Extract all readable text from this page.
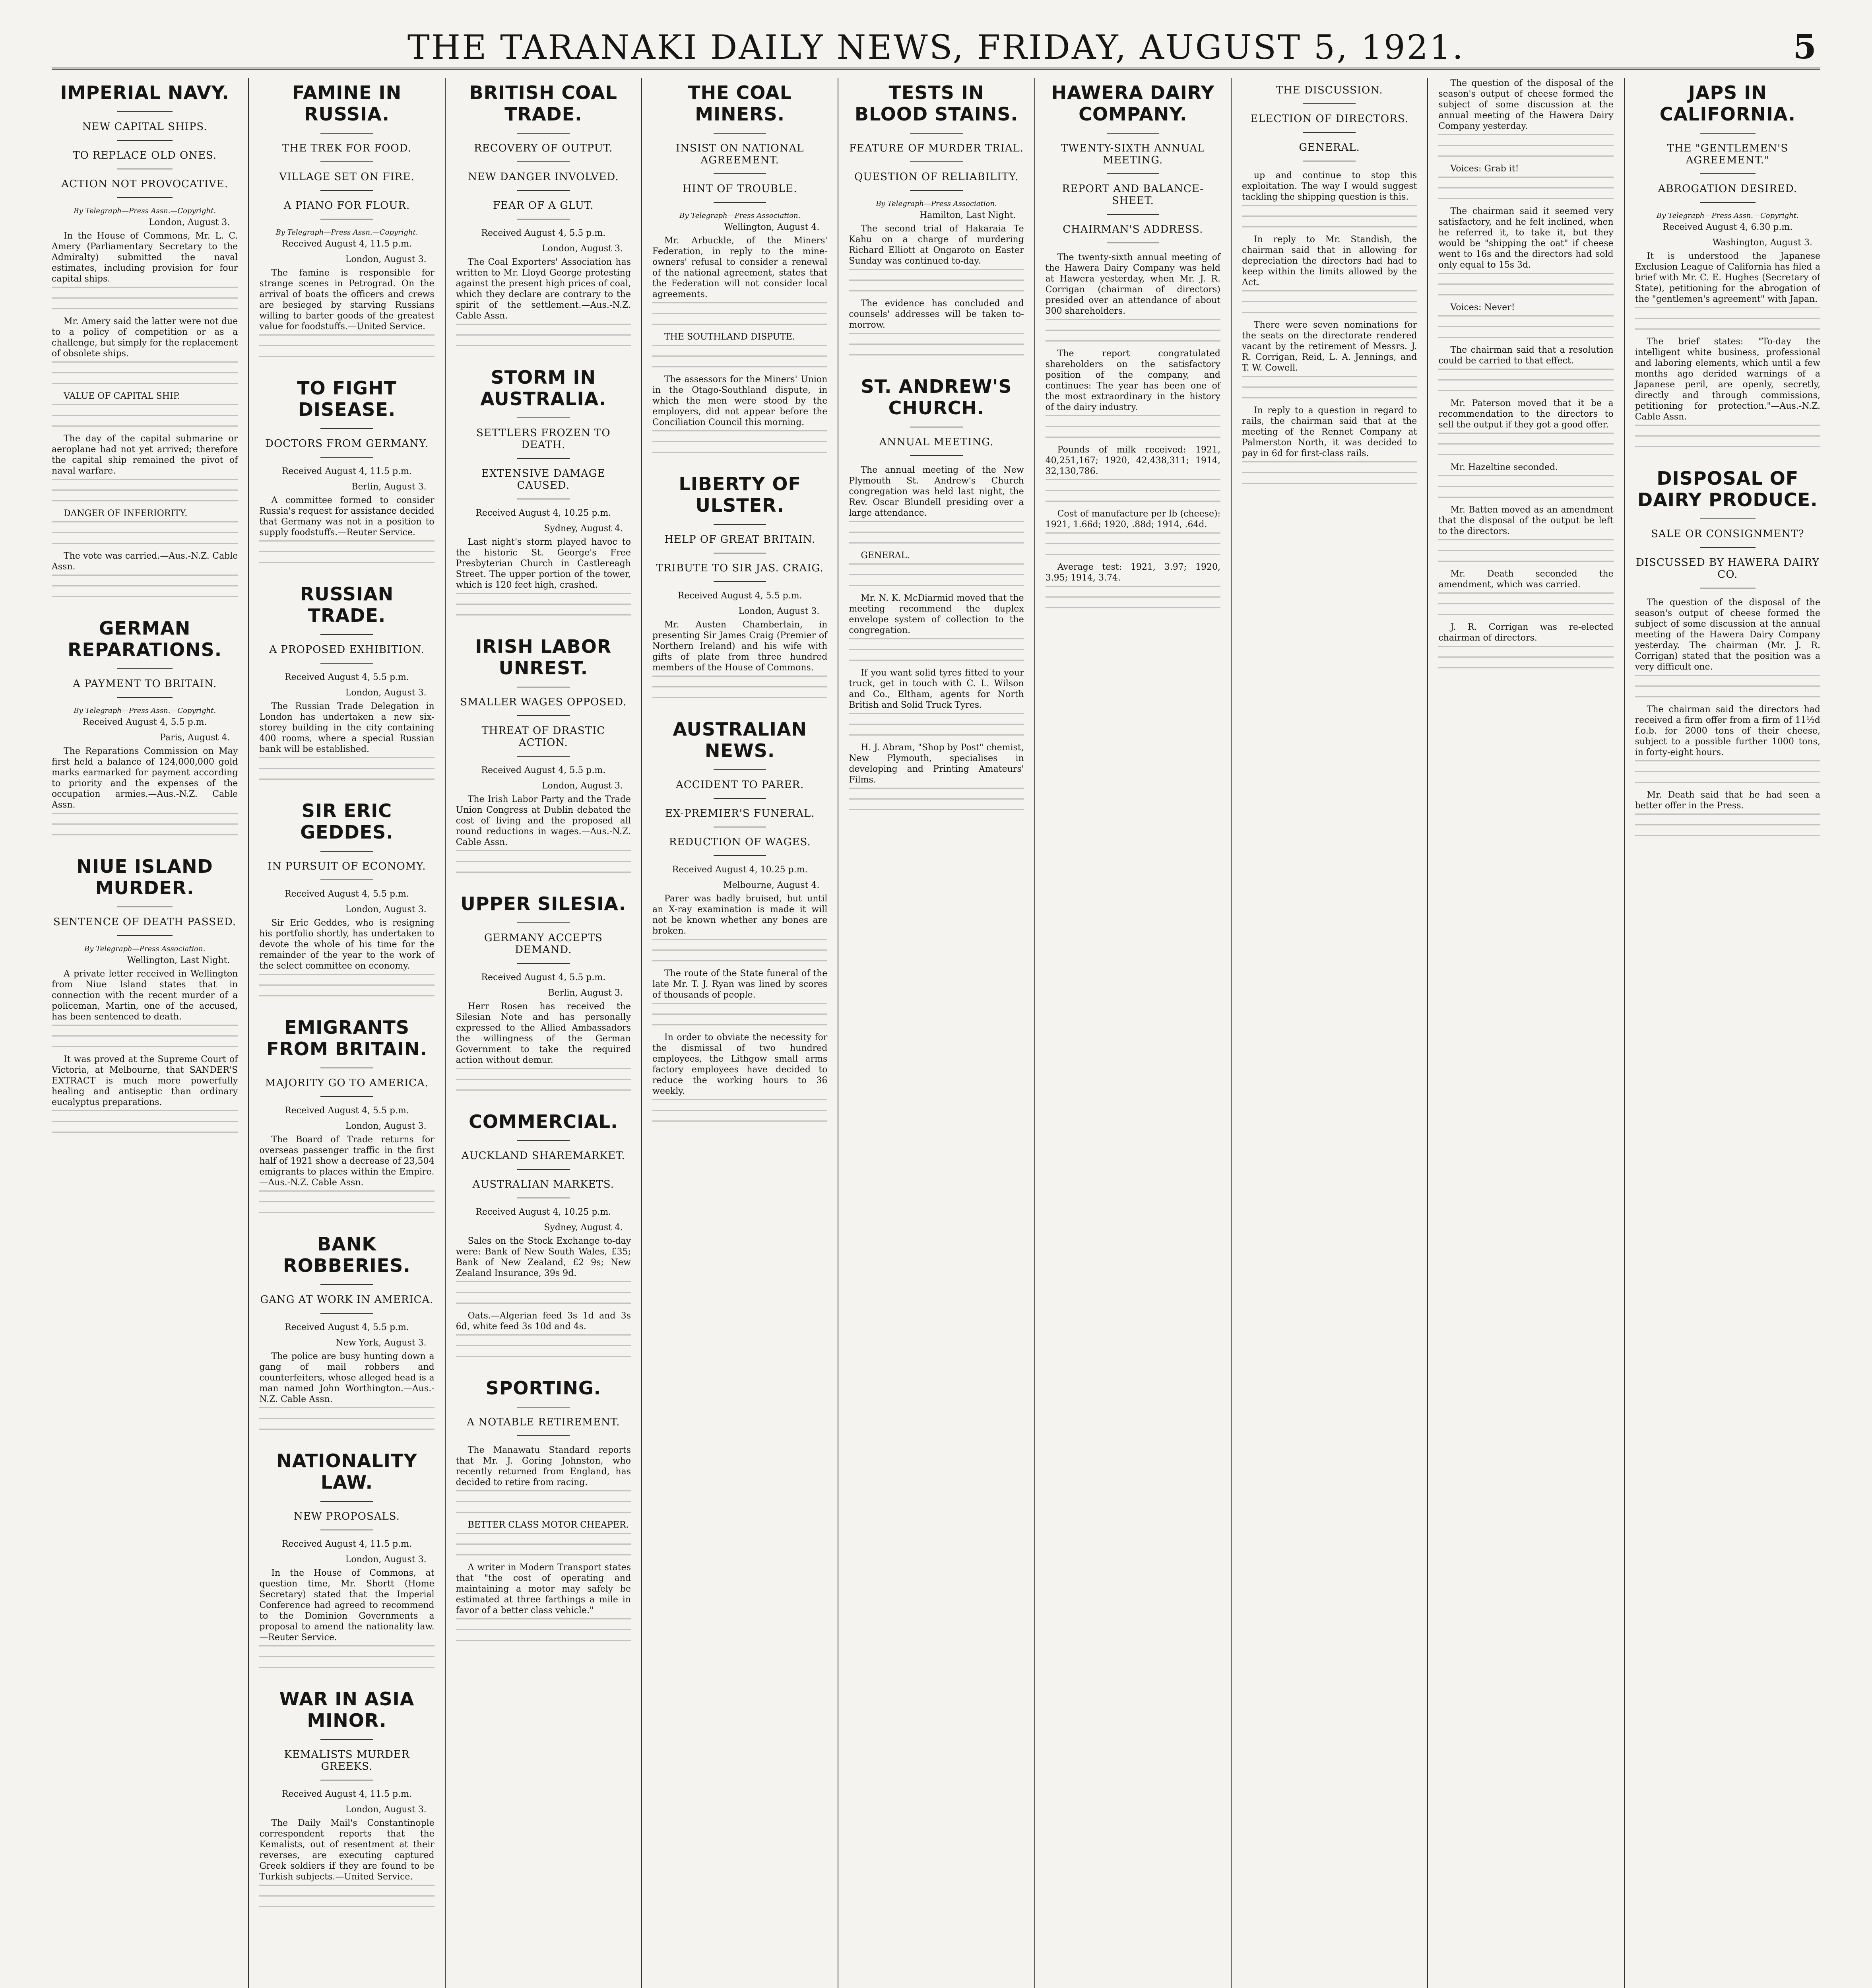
THE TARANAKI DAILY NEWS, FRIDAY, AUGUST 5, 1921.	5
IMPERIAL NAVY.
NEW CAPITAL SHIPS.
TO REPLACE OLD ONES.
ACTION NOT PROVOCATIVE.
By Telegraph—Press Assn.—Copyright.
London, August 3.

In the House of Commons, Mr. L. C. Amery (Parliamentary Secretary to the Admiralty) submitted the naval estimates, including provision for four capital ships.

Mr. Amery said the latter were not due to a policy of competition or as a challenge, but simply for the replacement of obsolete ships.

VALUE OF CAPITAL SHIP.

The day of the capital submarine or aeroplane had not yet arrived; therefore the capital ship remained the pivot of naval warfare.

DANGER OF INFERIORITY.

The vote was carried.—Aus.-N.Z. Cable Assn.

GERMAN REPARATIONS.
A PAYMENT TO BRITAIN.
By Telegraph—Press Assn.—Copyright.
Received August 4, 5.5 p.m.
Paris, August 4.

The Reparations Commission on May first held a balance of 124,000,000 gold marks earmarked for payment according to priority and the expenses of the occupation armies.—Aus.-N.Z. Cable Assn.

NIUE ISLAND MURDER.
SENTENCE OF DEATH PASSED.
By Telegraph—Press Association.
Wellington, Last Night.

A private letter received in Wellington from Niue Island states that in connection with the recent murder of a policeman, Martin, one of the accused, has been sentenced to death.

It was proved at the Supreme Court of Victoria, at Melbourne, that SANDER'S EXTRACT is much more powerfully healing and antiseptic than ordinary eucalyptus preparations.

FAMINE IN RUSSIA.
THE TREK FOR FOOD.
VILLAGE SET ON FIRE.
A PIANO FOR FLOUR.
By Telegraph—Press Assn.—Copyright.
Received August 4, 11.5 p.m.
London, August 3.

The famine is responsible for strange scenes in Petrograd. On the arrival of boats the officers and crews are besieged by starving Russians willing to barter goods of the greatest value for foodstuffs.—United Service.

TO FIGHT DISEASE.
DOCTORS FROM GERMANY.
Received August 4, 11.5 p.m.
Berlin, August 3.

A committee formed to consider Russia's request for assistance decided that Germany was not in a position to supply foodstuffs.—Reuter Service.

RUSSIAN TRADE.
A PROPOSED EXHIBITION.
Received August 4, 5.5 p.m.
London, August 3.

The Russian Trade Delegation in London has undertaken a new six-storey building in the city containing 400 rooms, where a special Russian bank will be established.

SIR ERIC GEDDES.
IN PURSUIT OF ECONOMY.
Received August 4, 5.5 p.m.
London, August 3.

Sir Eric Geddes, who is resigning his portfolio shortly, has undertaken to devote the whole of his time for the remainder of the year to the work of the select committee on economy.

EMIGRANTS FROM BRITAIN.
MAJORITY GO TO AMERICA.
Received August 4, 5.5 p.m.
London, August 3.

The Board of Trade returns for overseas passenger traffic in the first half of 1921 show a decrease of 23,504 emigrants to places within the Empire.—Aus.-N.Z. Cable Assn.

BANK ROBBERIES.
GANG AT WORK IN AMERICA.
Received August 4, 5.5 p.m.
New York, August 3.

The police are busy hunting down a gang of mail robbers and counterfeiters, whose alleged head is a man named John Worthington.—Aus.-N.Z. Cable Assn.

NATIONALITY LAW.
NEW PROPOSALS.
Received August 4, 11.5 p.m.
London, August 3.

In the House of Commons, at question time, Mr. Shortt (Home Secretary) stated that the Imperial Conference had agreed to recommend to the Dominion Governments a proposal to amend the nationality law.—Reuter Service.

WAR IN ASIA MINOR.
KEMALISTS MURDER GREEKS.
Received August 4, 11.5 p.m.
London, August 3.

The Daily Mail's Constantinople correspondent reports that the Kemalists, out of resentment at their reverses, are executing captured Greek soldiers if they are found to be Turkish subjects.—United Service.

BRITISH COAL TRADE.
RECOVERY OF OUTPUT.
NEW DANGER INVOLVED.
FEAR OF A GLUT.
Received August 4, 5.5 p.m.
London, August 3.

The Coal Exporters' Association has written to Mr. Lloyd George protesting against the present high prices of coal, which they declare are contrary to the spirit of the settlement.—Aus.-N.Z. Cable Assn.

STORM IN AUSTRALIA.
SETTLERS FROZEN TO DEATH.
EXTENSIVE DAMAGE CAUSED.
Received August 4, 10.25 p.m.
Sydney, August 4.

Last night's storm played havoc to the historic St. George's Free Presbyterian Church in Castlereagh Street. The upper portion of the tower, which is 120 feet high, crashed.

IRISH LABOR UNREST.
SMALLER WAGES OPPOSED.
THREAT OF DRASTIC ACTION.
Received August 4, 5.5 p.m.
London, August 3.

The Irish Labor Party and the Trade Union Congress at Dublin debated the cost of living and the proposed all round reductions in wages.—Aus.-N.Z. Cable Assn.

UPPER SILESIA.
GERMANY ACCEPTS DEMAND.
Received August 4, 5.5 p.m.
Berlin, August 3.

Herr Rosen has received the Silesian Note and has personally expressed to the Allied Ambassadors the willingness of the German Government to take the required action without demur.

COMMERCIAL.
AUCKLAND SHAREMARKET.
AUSTRALIAN MARKETS.
Received August 4, 10.25 p.m.
Sydney, August 4.

Sales on the Stock Exchange to-day were: Bank of New South Wales, £35; Bank of New Zealand, £2 9s; New Zealand Insurance, 39s 9d.

Oats.—Algerian feed 3s 1d and 3s 6d, white feed 3s 10d and 4s.

SPORTING.
A NOTABLE RETIREMENT.

The Manawatu Standard reports that Mr. J. Goring Johnston, who recently returned from England, has decided to retire from racing.

BETTER CLASS MOTOR CHEAPER.

A writer in Modern Transport states that "the cost of operating and maintaining a motor may safely be estimated at three farthings a mile in favor of a better class vehicle."

THE COAL MINERS.
INSIST ON NATIONAL AGREEMENT.
HINT OF TROUBLE.
By Telegraph—Press Association.
Wellington, August 4.

Mr. Arbuckle, of the Miners' Federation, in reply to the mine-owners' refusal to consider a renewal of the national agreement, states that the Federation will not consider local agreements.

THE SOUTHLAND DISPUTE.

The assessors for the Miners' Union in the Otago-Southland dispute, in which the men were stood by the employers, did not appear before the Conciliation Council this morning.

LIBERTY OF ULSTER.
HELP OF GREAT BRITAIN.
TRIBUTE TO SIR JAS. CRAIG.
Received August 4, 5.5 p.m.
London, August 3.

Mr. Austen Chamberlain, in presenting Sir James Craig (Premier of Northern Ireland) and his wife with gifts of plate from three hundred members of the House of Commons.

AUSTRALIAN NEWS.
ACCIDENT TO PARER.
EX-PREMIER'S FUNERAL.
REDUCTION OF WAGES.
Received August 4, 10.25 p.m.
Melbourne, August 4.

Parer was badly bruised, but until an X-ray examination is made it will not be known whether any bones are broken.

The route of the State funeral of the late Mr. T. J. Ryan was lined by scores of thousands of people.

In order to obviate the necessity for the dismissal of two hundred employees, the Lithgow small arms factory employees have decided to reduce the working hours to 36 weekly.

TESTS IN BLOOD STAINS.
FEATURE OF MURDER TRIAL.
QUESTION OF RELIABILITY.
By Telegraph—Press Association.
Hamilton, Last Night.

The second trial of Hakaraia Te Kahu on a charge of murdering Richard Elliott at Ongaroto on Easter Sunday was continued to-day.

The evidence has concluded and counsels' addresses will be taken to-morrow.

ST. ANDREW'S CHURCH.
ANNUAL MEETING.

The annual meeting of the New Plymouth St. Andrew's Church congregation was held last night, the Rev. Oscar Blundell presiding over a large attendance.

GENERAL.

Mr. N. K. McDiarmid moved that the meeting recommend the duplex envelope system of collection to the congregation.

If you want solid tyres fitted to your truck, get in touch with C. L. Wilson and Co., Eltham, agents for North British and Solid Truck Tyres.

H. J. Abram, "Shop by Post" chemist, New Plymouth, specialises in developing and Printing Amateurs' Films.

HAWERA DAIRY COMPANY.
TWENTY-SIXTH ANNUAL MEETING.
REPORT AND BALANCE-SHEET.
CHAIRMAN'S ADDRESS.

The twenty-sixth annual meeting of the Hawera Dairy Company was held at Hawera yesterday, when Mr. J. R. Corrigan (chairman of directors) presided over an attendance of about 300 shareholders.

The report congratulated shareholders on the satisfactory position of the company, and continues: The year has been one of the most extraordinary in the history of the dairy industry.

Pounds of milk received: 1921, 40,251,167; 1920, 42,438,311; 1914, 32,130,786.

Cost of manufacture per lb (cheese): 1921, 1.66d; 1920, .88d; 1914, .64d.

Average test: 1921, 3.97; 1920, 3.95; 1914, 3.74.

THE DISCUSSION.
ELECTION OF DIRECTORS.
GENERAL.

up and continue to stop this exploitation. The way I would suggest tackling the shipping question is this.

In reply to Mr. Standish, the chairman said that in allowing for depreciation the directors had had to keep within the limits allowed by the Act.

There were seven nominations for the seats on the directorate rendered vacant by the retirement of Messrs. J. R. Corrigan, Reid, L. A. Jennings, and T. W. Cowell.

In reply to a question in regard to rails, the chairman said that at the meeting of the Rennet Company at Palmerston North, it was decided to pay in 6d for first-class rails.

The question of the disposal of the season's output of cheese formed the subject of some discussion at the annual meeting of the Hawera Dairy Company yesterday.

Voices: Grab it!

The chairman said it seemed very satisfactory, and he felt inclined, when he referred it, to take it, but they would be "shipping the oat" if cheese went to 16s and the directors had sold only equal to 15s 3d.

Voices: Never!

The chairman said that a resolution could be carried to that effect.

Mr. Paterson moved that it be a recommendation to the directors to sell the output if they got a good offer.

Mr. Hazeltine seconded.

Mr. Batten moved as an amendment that the disposal of the output be left to the directors.

Mr. Death seconded the amendment, which was carried.

J. R. Corrigan was re-elected chairman of directors.

JAPS IN CALIFORNIA.
THE "GENTLEMEN'S AGREEMENT."
ABROGATION DESIRED.
By Telegraph—Press Assn.—Copyright.
Received August 4, 6.30 p.m.
Washington, August 3.

It is understood the Japanese Exclusion League of California has filed a brief with Mr. C. E. Hughes (Secretary of State), petitioning for the abrogation of the "gentlemen's agreement" with Japan.

The brief states: "To-day the intelligent white business, professional and laboring elements, which until a few months ago derided warnings of a Japanese peril, are openly, secretly, directly and through commissions, petitioning for protection."—Aus.-N.Z. Cable Assn.

DISPOSAL OF DAIRY PRODUCE.
SALE OR CONSIGNMENT?
DISCUSSED BY HAWERA DAIRY CO.

The question of the disposal of the season's output of cheese formed the subject of some discussion at the annual meeting of the Hawera Dairy Company yesterday. The chairman (Mr. J. R. Corrigan) stated that the position was a very difficult one.

The chairman said the directors had received a firm offer from a firm of 11½d f.o.b. for 2000 tons of their cheese, subject to a possible further 1000 tons, in forty-eight hours.

Mr. Death said that he had seen a better offer in the Press.
